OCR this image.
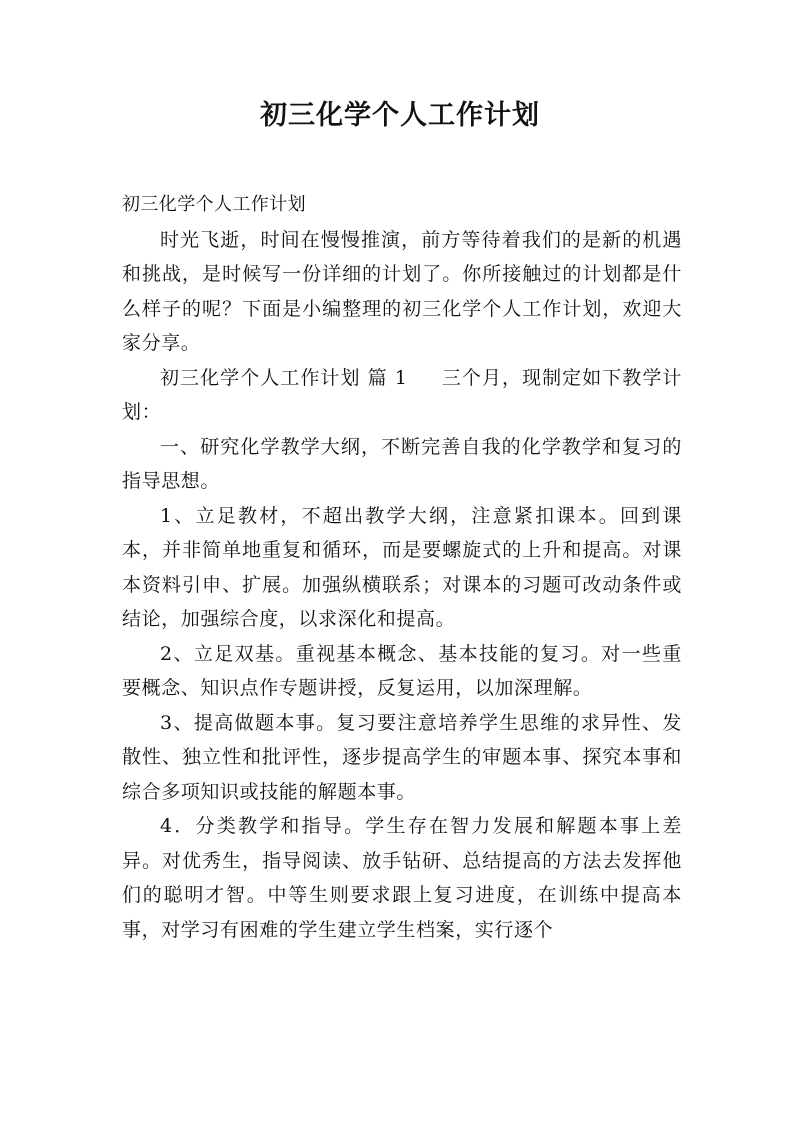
初三化学个人工作计划

初三化学个人工作计划

时光飞逝，时间在慢慢推演，前方等待着我们的是新的机遇和挑战，是时候写一份详细的计划了。你所接触过的计划都是什么样子的呢？下面是小编整理的初三化学个人工作计划，欢迎大家分享。

初三化学个人工作计划 篇 1 三个月，现制定如下教学计划：

一、研究化学教学大纲，不断完善自我的化学教学和复习的指导思想。

1、立足教材，不超出教学大纲，注意紧扣课本。回到课本，并非简单地重复和循环，而是要螺旋式的上升和提高。对课本资料引申、扩展。加强纵横联系；对课本的习题可改动条件或结论，加强综合度，以求深化和提高。

2、立足双基。重视基本概念、基本技能的复习。对一些重要概念、知识点作专题讲授，反复运用，以加深理解。

3、提高做题本事。复习要注意培养学生思维的求异性、发散性、独立性和批评性，逐步提高学生的审题本事、探究本事和综合多项知识或技能的解题本事。

4．分类教学和指导。学生存在智力发展和解题本事上差异。对优秀生，指导阅读、放手钻研、总结提高的方法去发挥他们的聪明才智。中等生则要求跟上复习进度，在训练中提高本事，对学习有困难的学生建立学生档案，实行逐个
